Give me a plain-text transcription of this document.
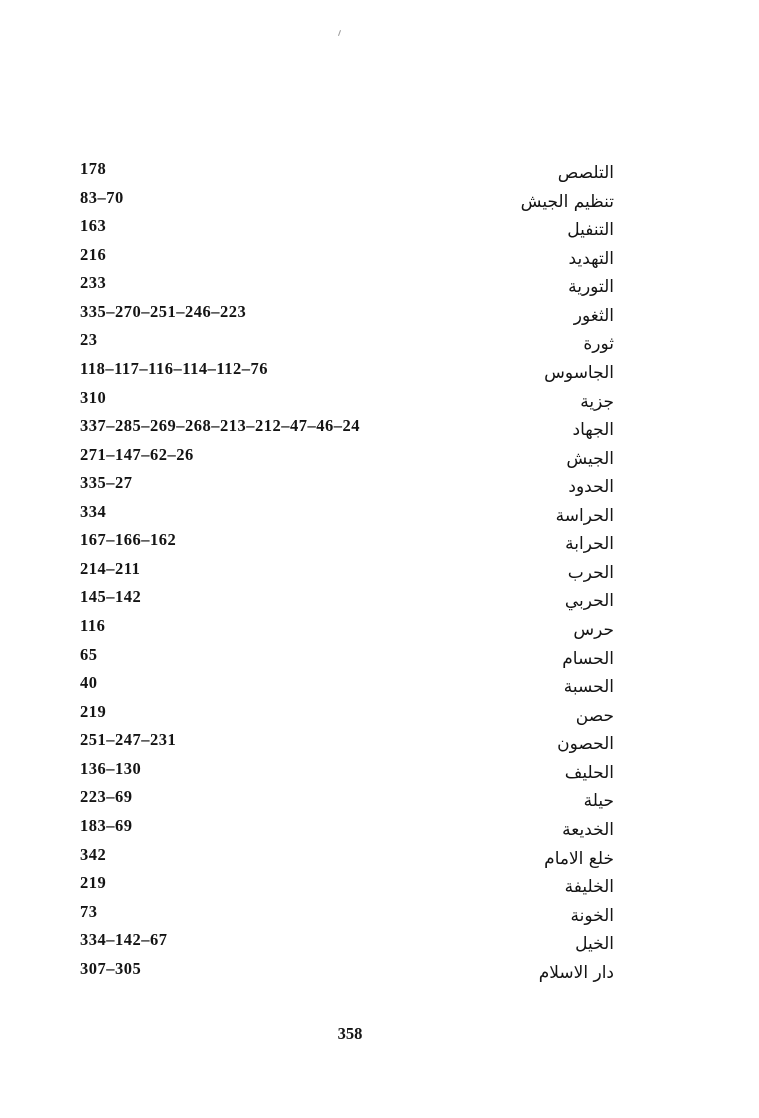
التلصص
178
تنظيم الجيش
83–70
التنفيل
163
التهديد
216
التورية
233
الثغور
335–270–251–246–223
ثورة
23
الجاسوس
118–117–116–114–112–76
جزية
310
الجهاد
337–285–269–268–213–212–47–46–24
الجيش
271–147–62–26
الحدود
335–27
الحراسة
334
الحرابة
167–166–162
الحرب
214–211
الحربي
145–142
حرس
116
الحسام
65
الحسبة
40
حصن
219
الحصون
251–247–231
الحليف
136–130
حيلة
223–69
الخديعة
183–69
خلع الامام
342
الخليفة
219
الخونة
73
الخيل
334–142–67
دار الاسلام
307–305
358
